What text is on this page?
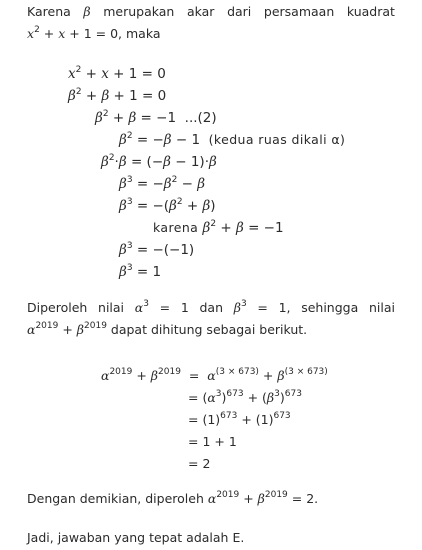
Karena β merupakan akar dari persamaan kuadrat
$x^2 + x + 1 = 0$, maka
$x^2 + x + 1 = 0$
$\beta^2 + \beta + 1 = 0$
$\beta^2 + \beta = -1$  ...(2)
$\beta^2 = -\beta - 1$  (kedua ruas dikali α)
$\beta^2\cdot\beta = (-\beta - 1)\cdot\beta$
$\beta^3 = -\beta^2 - \beta$
$\beta^3 = -(\beta^2 + \beta)$
karena $\beta^2 + \beta = -1$
$\beta^3 = -(-1)$
$\beta^3 = 1$
Diperoleh nilai $\alpha^3 = 1$ dan $\beta^3 = 1$, sehingga nilai
$\alpha^{2019} + \beta^{2019}$ dapat dihitung sebagai berikut.
$\alpha^{2019} + \beta^{2019} = \alpha^{(3 \times 673)} + \beta^{(3 \times 673)}$
= $(\alpha^3)^{673} + (\beta^3)^{673}$
= $(1)^{673} + (1)^{673}$
= 1 + 1
= 2
Dengan demikian, diperoleh $\alpha^{2019} + \beta^{2019} = 2$.
Jadi, jawaban yang tepat adalah E.
